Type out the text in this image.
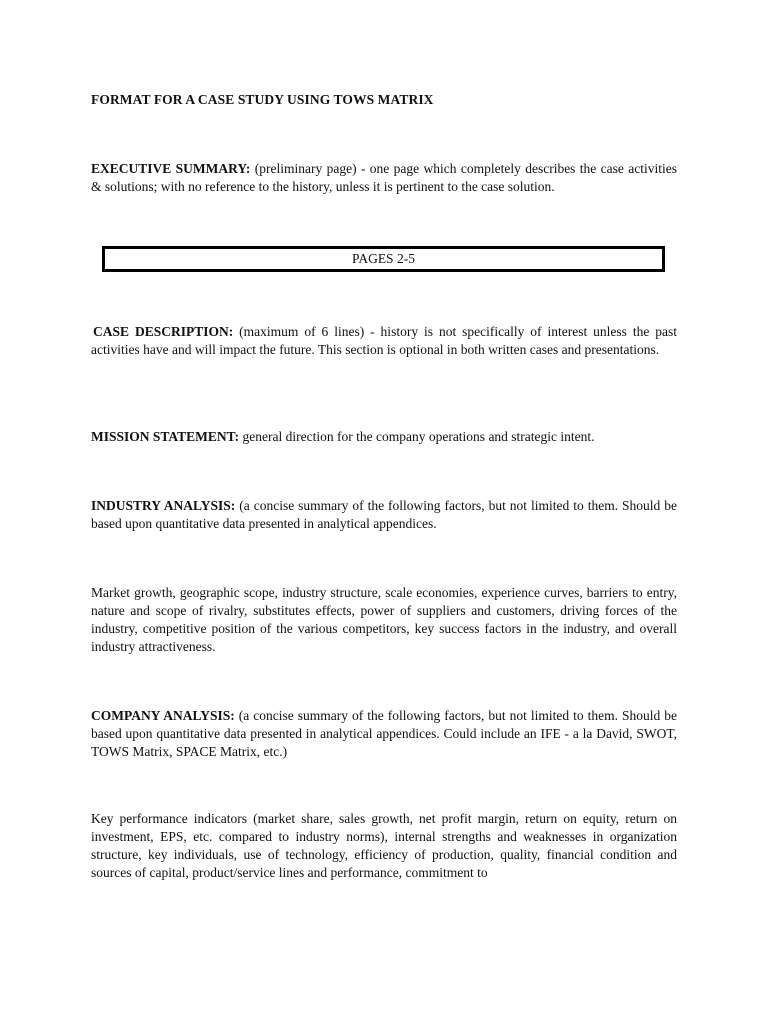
FORMAT FOR A CASE STUDY USING TOWS MATRIX
EXECUTIVE SUMMARY: (preliminary page) - one page which completely describes the case activities & solutions; with no reference to the history, unless it is pertinent to the case solution.
PAGES 2-5
CASE DESCRIPTION: (maximum of 6 lines) - history is not specifically of interest unless the past activities have and will impact the future. This section is optional in both written cases and presentations.
MISSION STATEMENT: general direction for the company operations and strategic intent.
INDUSTRY ANALYSIS: (a concise summary of the following factors, but not limited to them. Should be based upon quantitative data presented in analytical appendices.
Market growth, geographic scope, industry structure, scale economies, experience curves, barriers to entry, nature and scope of rivalry, substitutes effects, power of suppliers and customers, driving forces of the industry, competitive position of the various competitors, key success factors in the industry, and overall industry attractiveness.
COMPANY ANALYSIS: (a concise summary of the following factors, but not limited to them. Should be based upon quantitative data presented in analytical appendices. Could include an IFE - a la David, SWOT, TOWS Matrix, SPACE Matrix, etc.)
Key performance indicators (market share, sales growth, net profit margin, return on equity, return on investment, EPS, etc. compared to industry norms), internal strengths and weaknesses in organization structure, key individuals, use of technology, efficiency of production, quality, financial condition and sources of capital, product/service lines and performance, commitment to
